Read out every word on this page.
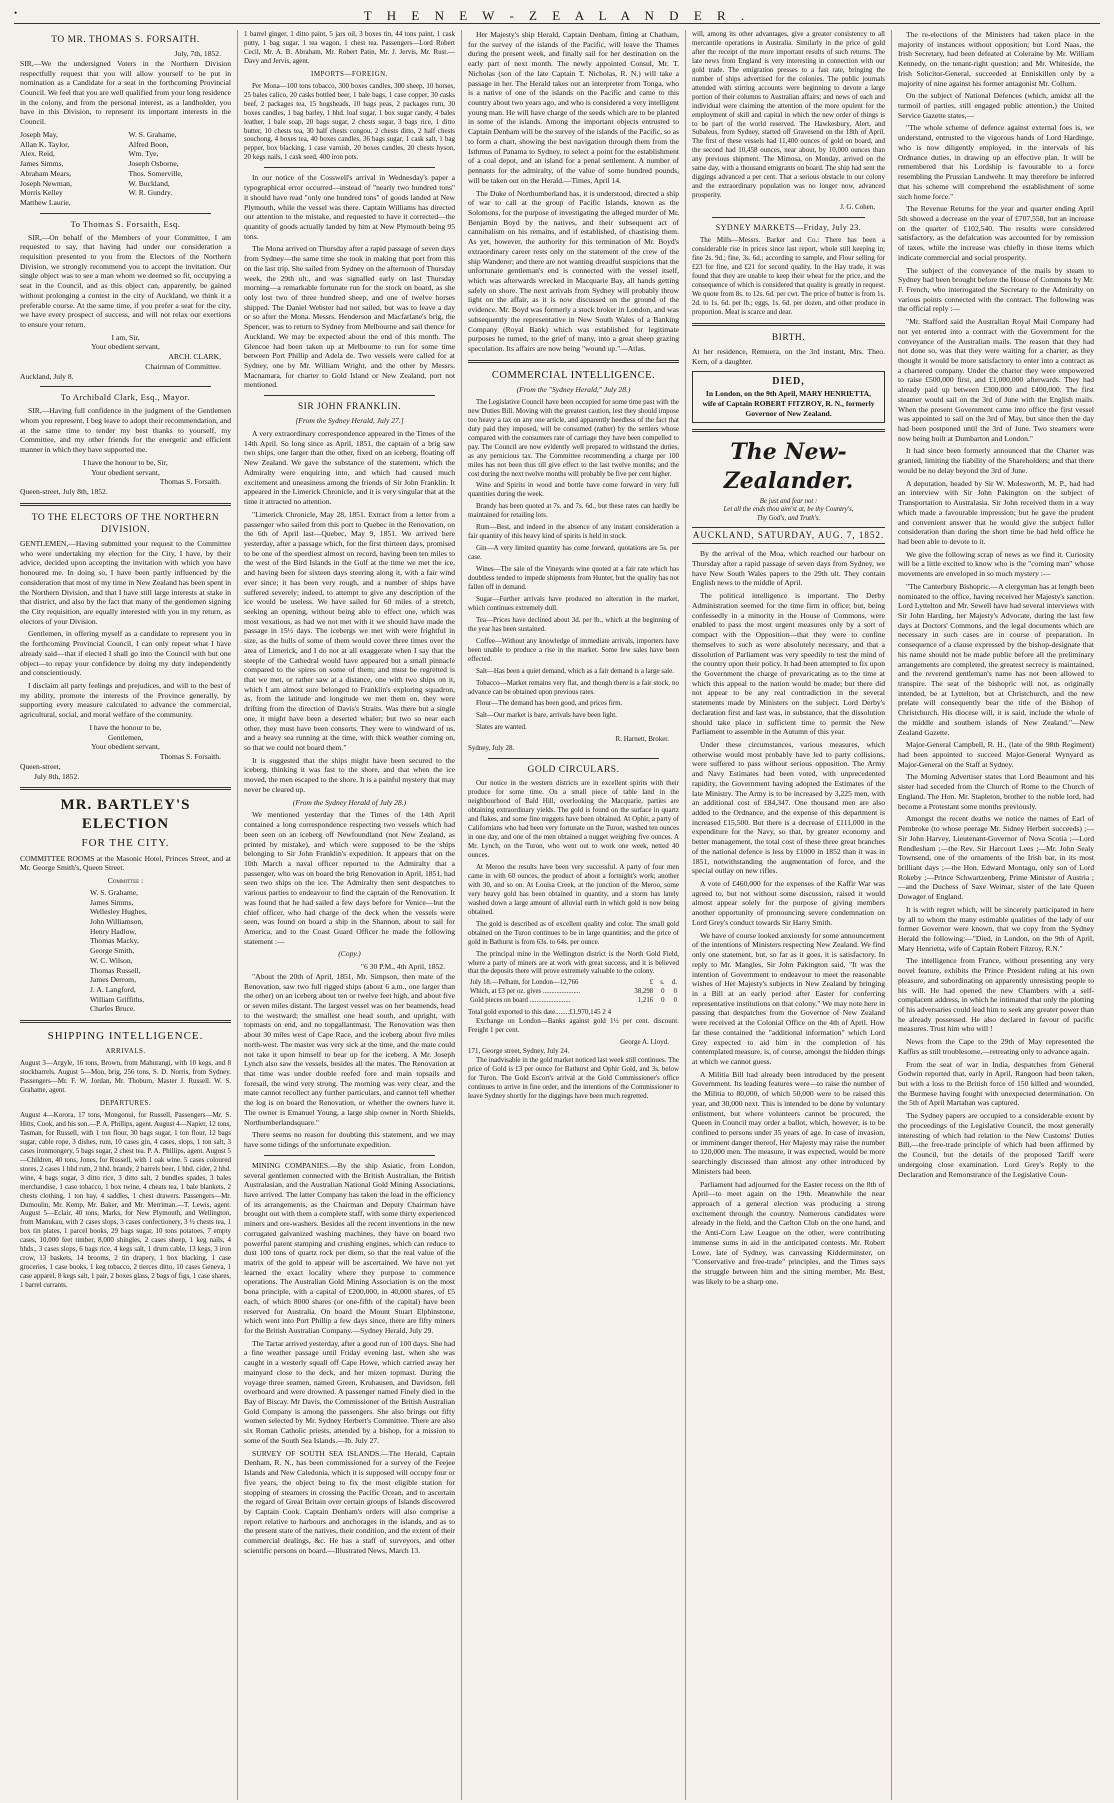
•	T H E N E W - Z E A L A N D E R .
TO MR. THOMAS S. FORSAITH.
July, 7th, 1852.

SIR,—We the undersigned Voters in the Northern Division respectfully request that you will allow yourself to be put in nomination as a Candidate for a seat in the forthcoming Provincial Council. We feel that you are well qualified from your long residence in the colony, and from the personal interest, as a landholder, you have in this Division, to represent its important interests in the Council.

Joseph May,	W. S. Grahame,
Allan K. Taylor,	Alfred Boon,
Alex. Reid,	Wm. Tye,
James Simms,	Joseph Osborne,
Abraham Mears,	Thos. Somerville,
Joseph Newman,	W. Buckland,
Morris Kelley	W. R. Gundry.
Matthew Laurie,
To Thomas S. Forsaith, Esq.

SIR,—On behalf of the Members of your Committee, I am requested to say, that having had under our consideration a requisition presented to you from the Electors of the Northern Division, we strongly recommend you to accept the invitation. Our single object was to see a man whom we deemed so fit, occupying a seat in the Council, and as this object can, apparently, be gained without prolonging a contest in the city of Auckland, we think it a preferable course. At the same time, if you prefer a seat for the city, we have every prospect of success, and will not relax our exertions to ensure your return.

I am, Sir,
Your obedient servant,
ARCH. CLARK,
Chairman of Committee.
Auckland, July 8.
To Archibald Clark, Esq., Mayor.

SIR,—Having full confidence in the judgment of the Gentlemen whom you represent, I beg leave to adopt their recommendation, and at the same time to tender my best thanks to yourself, my Committee, and my other friends for the energetic and efficient manner in which they have supported me.

I have the honour to be, Sir,
Your obedient servant,
Thomas S. Forsaith.
Queen-street, July 8th, 1852.
TO THE ELECTORS OF THE NORTHERN DIVISION.

GENTLEMEN,—Having submitted your request to the Committee who were undertaking my election for the City, I have, by their advice, decided upon accepting the invitation with which you have honoured me. In doing so, I have been partly influenced by the consideration that most of my time in New Zealand has been spent in the Northern Division, and that I have still large interests at stake in that district, and also by the fact that many of the gentlemen signing the City requisition, are equally interested with you in my return, as electors of your Division.

Gentlemen, in offering myself as a candidate to represent you in the forthcoming Provincial Council, I can only repeat what I have already said—that if elected I shall go into the Council with but one object—to repay your confidence by doing my duty independently and conscientiously.

I disclaim all party feelings and prejudices, and will to the best of my ability, promote the interests of the Province generally, by supporting every measure calculated to advance the commercial, agricultural, social, and moral welfare of the community.

I have the honour to be,
Gentlemen,
Your obedient servant,
Thomas S. Forsaith.
Queen-street,
July 8th, 1852.
MR. BARTLEY'S ELECTION
FOR THE CITY.

COMMITTEE ROOMS at the Masonic Hotel, Princes Street, and at Mr. George Smith's, Queen Street.

Committee :
W. S. Grahame,
James Simms,
Wellesley Hughes,
John Williamson,
Henry Hadlow,
Thomas Macky,
George Smith,
W. C. Wilson,
Thomas Russell,
James Derrom,
J. A. Langford,
William Griffiths.
Charles Bruce.
SHIPPING INTELLIGENCE.
ARRIVALS.

August 3—Argyle, 16 tons, Brown, from Mahurangi, with 10 kegs, and 8 stockbarrels. August 5—Mon, brig, 256 tons, S. D. Norris, from Sydney. Passengers—Mr. F. W. Jordan, Mr. Thoburn, Master J. Russell. W. S. Grahame, agent.

DEPARTURES.

August 4—Korora, 17 tons, Mongonui, for Russell, Passengers—Mr. S. Hitts, Cook, and his son.—P. A. Phillips, agent. August 4—Napier, 12 tons, Tasman, for Russell, with 1 ton flour, 30 bags sugar, 1 ton flour, 12 bags sugar, cable rope, 3 dishes, rum, 10 cases gin, 4 cases, slops, 1 ton salt, 3 cases ironmongery, 5 bags sugar, 2 chest tea. P. A. Phillips, agent. August 5—Children, 40 tons, Jones, for Russell, with 1 oak wine. 5 cases coloured stores, 2 cases 1 hhd rum, 2 hhd. brandy, 2 barrels beer, 1 hhd. cider, 2 hhd. wine, 4 bags sugar, 3 ditto rice, 3 ditto salt, 2 bundles spades, 3 bales merchandise, 1 case tobacco, 1 box twine, 4 cheats tea, 1 bale blankets, 2 chests clothing, 1 ton hay, 4 saddles, 1 chest drawers. Passengers—Mr. Dumoulin, Mr. Kemp, Mr. Baker, and Mr. Merriman.—T. Lewis, agent. August 5—Eclair, 40 tons, Marks, for New Plymouth, and Wellington, from Manukau, with 2 cases slops, 3 cases confectionery, 3 ½ chests tea, 1 box tin plates, 1 parcel books, 29 bags sugar, 10 tons potatoes, 7 empty cases, 10,000 feet timber, 8,000 shingles, 2 cases sheep, 1 keg nails, 4 hhds., 3 cases slops, 6 bags rice, 4 kegs salt, 1 drum cable, 13 kegs, 3 iron crow, 13 baskets, 14 brooms, 2 tin drapery, 1 box blacking, 1 case groceries, 1 case books, 1 keg tobacco, 2 tierces ditto, 10 cases Geneva, 1 case apparel, 8 kegs salt, 1 pair, 2 boxes glass, 2 bags of figs, 1 case shares, 1 barrel currants.

1 barrel ginger, 1 ditto paint, 5 jars oil, 3 boxes tin, 44 tons paint, 1 cask putty, 1 bag sugar, 1 tea wagon, 1 chest tea. Passengers—Lord Robert Cecil, Mr. A. B. Abraham, Mr. Robert Patin, Mr. J. Jervis, Mr. Rust.—Davy and Jervis, agent.

IMPORTS—FOREIGN.

Per Mona—100 tons tobacco, 300 boxes candles, 300 sheep, 10 horses, 25 bales calico, 20 casks bottled beer, 1 bale bags, 1 case copper, 30 casks beef, 2 packages tea, 15 hogsheads, 10 bags peas, 2 packages rum, 30 boxes candles, 1 bag barley, 1 hhd. loaf sugar, 1 box sugar candy, 4 bales leather, 1 bale soap, 20 bags sugar, 2 chests sugar, 3 bags rice, 1 ditto butter, 10 chests tea, 30 half chests congou, 2 chests ditto, 2 half chests souchong, 4 boxes tea, 40 boxes candles, 36 bags sugar, 1 cask salt, 1 bag pepper, box blacking, 1 case varnish, 20 boxes candles, 20 chests hyson, 20 kegs nails, 1 cask seed, 400 iron pots.

In our notice of the Cosswell's arrival in Wednesday's paper a typographical error occurred—instead of "nearly two hundred tons" it should have read "only one hundred tons" of goods landed at New Plymouth, while the vessel was there. Captain Williams has directed our attention to the mistake, and requested to have it corrected—the quantity of goods actually landed by him at New Plymouth being 95 tons.

The Mona arrived on Thursday after a rapid passage of seven days from Sydney—the same time she took in making that port from this on the last trip. She sailed from Sydney on the afternoon of Thursday week, the 29th ult., and was signalled early on last Thursday morning—a remarkable fortunate run for the stock on board, as she only lost two of three hundred sheep, and one of twelve horses shipped. The Daniel Webster had not sailed, but was to leave a day or so after the Mona. Messrs. Henderson and Macfarlane's brig, the Spencer, was to return to Sydney from Melbourne and sail thence for Auckland. We may be expected about the end of this month. The Glencoe had been taken up at Melbourne to run for some time between Port Phillip and Adela de. Two vessels were called for at Sydney, one by Mr. William Wright, and the other by Messrs. Macnamara, for charter to Gold Island or New Zealand, port not mentioned.

SIR JOHN FRANKLIN.
[From the Sydney Herald, July 27.]

A very extraordinary correspondence appeared in the Times of the 14th April. So long since as April, 1851, the captain of a brig saw two ships, one larger than the other, fixed on an iceberg, floating off New Zealand. We gave the substance of the statement, which the Admiralty were enquiring into, and which had caused much excitement and uneasiness among the friends of Sir John Franklin. It appeared in the Limerick Chronicle, and it is very singular that at the time it attracted no attention.

"Limerick Chronicle, May 28, 1851. Extract from a letter from a passenger who sailed from this port to Quebec in the Renovation, on the 6th of April last—Quebec, May 9, 1851. We arrived here yesterday, after a passage which, for the first thirteen days, promised to be one of the speediest almost on record, having been ten miles to the west of the Bird Islands in the Gulf at the time we met the ice, and having been for sixteen days steering along it, with a fair wind ever since; it has been very rough, and a number of ships have suffered severely; indeed, to attempt to give any description of the ice would be useless. We have sailed for 60 miles of a stretch, seeking an opening, without being able to effect one, which was most vexatious, as had we not met with it we should have made the passage in 15½ days. The icebergs we met with were frightful in size, as the hulls of some of them would cover three times over the area of Limerick, and I do not at all exaggerate when I say that the steeple of the Cathedral would have appeared but a small pinnacle compared to the spires on some of them; and must be regretted is that we met, or rather saw at a distance, one with two ships on it, which I am almost sure belonged to Franklin's exploring squadron, as, from the latitude and longitude we met them on, they were drifting from the direction of Davis's Straits. Was there but a single one, it might have been a deserted whaler; but two so near each other, they must have been consorts. They were to windward of us, and a heavy sea running at the time, with thick weather coming on, so that we could not board them."

It is suggested that the ships might have been secured to the iceberg, thinking it was fast to the shore, and that when the ice moved, the men escaped to the shore. It is a painful mystery that may never be cleared up.

(From the Sydney Herald of July 28.)

We mentioned yesterday that the Times of the 14th April contained a long correspondence respecting two vessels which had been seen on an iceberg off Newfoundland (not New Zealand, as printed by mistake), and which were supposed to be the ships belonging to Sir John Franklin's expedition. It appears that on the 10th March a naval officer reported to the Admiralty that a passenger, who was on board the brig Renovation in April, 1851, had seen two ships on the ice. The Admiralty then sent despatches to various parties to endeavour to find the captain of the Renovation. It was found that he had sailed a few days before for Venice—but the chief officer, who had charge of the deck when the vessels were seen, was found on board a ship in the Shannon, about to sail for America, and to the Coast Guard Officer he made the following statement :—

(Copy.)
"6 30 P.M., 4th April, 1852.

"About the 20th of April, 1851, Mr. Simpson, then mate of the Renovation, saw two full rigged ships (about 6 a.m., one larger than the other) on an iceberg about ten or twelve feet high, and about five or seven miles distant. The largest vessel was on her beamends, head to the westward; the smallest one head south, and upright, with topmasts on end, and no topgallantmast. The Renovation was then about 30 miles west of Cape Race, and the iceberg about five miles north-west. The master was very sick at the time, and the mate could not take it upon himself to bear up for the iceberg. A Mr. Joseph Lynch also saw the vessels, besides all the mates. The Renovation at that time was under double reefed fore and main topsails and foresail, the wind very strong. The morning was very clear, and the mate cannot recollect any further particulars, and cannot tell whether the log is on board the Renovation, or whether the owners have it. The owner is Emanuel Young, a large ship owner in North Shields, Northumberlandsquare."

There seems no reason for doubting this statement, and we may have some tidings of the unfortunate expedition.

MINING COMPANIES.—By the ship Asiatic, from London, several gentlemen connected with the British Australian, the British Australasian, and the Australian National Gold Mining Associations, have arrived. The latter Company has taken the lead in the efficiency of its arrangements, as the Chairman and Deputy Chairman have brought out with them a complete staff, with some thirty experienced miners and ore-washers. Besides all the recent inventions in the new corrugated galvanized washing machines, they have on board two powerful patent stamping and crushing engines, which can reduce to dust 100 tons of quartz rock per diem, so that the real value of the matrix of the gold to appear will be ascertained. We have not yet learned the exact locality where they purpose to commence operations. The Australian Gold Mining Association is on the most bona principle, with a capital of £200,000, in 40,000 shares, of £5 each, of which 8000 shares (or one-fifth of the capital) have been reserved for Australia. On board the Mount Stuart Elphinstone, which went into Port Phillip a few days since, there are fifty miners for the British Australian Company.—Sydney Herald, July 29.

The Tartar arrived yesterday, after a good run of 100 days. She had a fine weather passage until Friday evening last, when she was caught in a westerly squall off Cape Howe, which carried away her mainyard close to the deck, and her mizen topmast. During the voyage three seamen, named Green, Kruhausen, and Davidson, fell overboard and were drowned. A passenger named Finely died in the Bay of Biscay. Mr Davis, the Commissioner of the British Australian Gold Company is among the passengers. She also brings out fifty women selected by Mr. Sydney Herbert's Committee. There are also six Roman Catholic priests, attended by a bishop, for a mission to some of the South Sea Islands.—Ib. July 27.

SURVEY OF SOUTH SEA ISLANDS.—The Herald, Captain Denham, R. N., has been commissioned for a survey of the Feejee Islands and New Caledonia, which it is supposed will occupy four or five years, the object being to fix the most eligible station for stopping of steamers in crossing the Pacific Ocean, and to ascertain the regard of Great Britain over certain groups of Islands discovered by Captain Cook. Captain Denham's orders will also comprise a report relative to harbours and anchorages in the islands, and as to the present state of the natives, their condition, and the extent of their commercial dealings, &c. He has a staff of surveyors, and other scientific persons on board.—Illustrated News, March 13.

Her Majesty's ship Herald, Captain Denham, fitting at Chatham, for the survey of the islands of the Pacific, will leave the Thames during the present week, and finally sail for her destination on the early part of next month. The newly appointed Consul, Mr. T. Nicholas (son of the late Captain T. Nicholas, R. N.) will take a passage in her. The Herald takes out an interpreter from Tonga, who is a native of one of the islands on the Pacific and came to this country about two years ago, and who is considered a very intelligent young man. He will have charge of the seeds which are to be planted in some of the islands. Among the important objects entrusted to Captain Denham will be the survey of the islands of the Pacific, so as to form a chart, showing the best navigation through them from the Isthmus of Panama to Sydney, to select a point for the establishment of a coal depot, and an island for a penal settlement. A number of pennants for the admiralty, of the value of some hundred pounds, will be taken out on the Herald.—Times, April 14.

The Duke of Northumberland has, it is understood, directed a ship of war to call at the group of Pacific Islands, known as the Solomons, for the purpose of investigating the alleged murder of Mr. Benjamin Boyd by the natives, and their subsequent act of cannibalism on his remains, and if established, of chastising them. As yet, however, the authority for this termination of Mr. Boyd's extraordinary career rests only on the statement of the crew of the ship Wanderer; and there are not wanting dreadful suspicions that the unfortunate gentleman's end is connected with the vessel itself, which was afterwards wrecked in Macquarie Bay, all hands getting safely on shore. The next arrivals from Sydney will probably throw light on the affair, as it is now discussed on the ground of the evidence. Mr. Boyd was formerly a stock broker in London, and was subsequently the representative in New South Wales of a Banking Company (Royal Bank) which was established for legitimate purposes he turned, to the grief of many, into a great sheep grazing speculation. Its affairs are now being "wound up."—Atlas.

COMMERCIAL INTELLIGENCE.
(From the "Sydney Herald," July 28.)

The Legislative Council have been occupied for some time past with the new Duties Bill. Moving with the greatest caution, lest they should impose too heavy a tax on any one article, and apparently heedless of the fact that duty paid they imposed, will be consumed (rather) by the settlers whose compared with the consumers rate of carriage they have been compelled to pay. The Council are now evidently well prepared to withstand the duties, as any pernicious tax. The Committee recommending a charge per 100 miles has not been thus till give effect to the last twelve months; and the cost during the next twelve months will probably be five per cent higher.

Wine and Spirits in wood and bottle have come forward in very full quantities during the week.

Brandy has been quoted at 7s. and 7s. 6d., but these rates can hardly be maintained for retailing lots.

Rum—Best, and indeed in the absence of any instant consideration a fair quantity of this heavy kind of spirits is held in stock.

Gin—A very limited quantity has come forward, quotations are 5s. per case.

Wines—The sale of the Vineyards wine quoted at a fair rate which has doubtless tended to impede shipments from Hunter, but the quality has not fallen off in demand.

Sugar—Further arrivals have produced no alteration in the market, which continues extremely dull.

Tea—Prices have declined about 3d. per lb., which at the beginning of the year has been sustained.

Coffee—Without any knowledge of immediate arrivals, importers have been unable to produce a rise in the market. Some few sales have been effected.

Salt—Has been a quiet demand, which as a fair demand is a large sale.

Tobacco—Market remains very flat, and though there is a fair stock, no advance can be obtained upon previous rates.

Flour—The demand has been good, and prices firm.

Salt—Our market is bare, arrivals have been light.

Slates are wanted.

R. Harnett, Broker.
Sydney, July 28.
GOLD CIRCULARS.

Our notice in the western districts are in excellent spirits with their produce for some time. On a small piece of table land in the neighbourhood of Bald Hill, overlooking the Macquarie, parties are obtaining extraordinary yields. The gold is found on the surface in quartz and flakes, and some fine nuggets have been obtained. At Ophir, a party of Californians who had been very fortunate on the Turon, washed ten ounces in one day, and one of the men obtained a nugget weighing five ounces. A Mr. Lynch, on the Turon, who went out to work one week, netted 40 ounces.

At Meroo the results have been very successful. A party of four men came in with 60 ounces, the product of about a fortnight's work; another with 30, and so on. At Louisa Creek, at the junction of the Meroo, some very heavy gold has been obtained in quantity, and a storm has lately washed down a large amount of alluvial earth in which gold is now being obtained.

The gold is described as of excellent quality and color. The small gold obtained on the Turon continues to be in large quantities; and the price of gold in Bathurst is from 63s. to 64s. per ounce.

The principal mine in the Wellington district is the North Gold Field, where a party of miners are at work with great success, and it is believed that the deposits there will prove extremely valuable to the colony.

July 18.—Pelham, for London—12,766	£	s.	d.
Which, at £3 per oz. gives ......................	38,298	0	0
Gold pieces on board ........................	1,216	0	0
Total gold exported to this date........£1,970,145 2 4

Exchange on London—Banks against gold 1½ per cent. discount. Freight 1 per cent.

George A. Lloyd.
171, George street, Sydney, July 24.

The inadvisable in the gold market noticed last week still continues. The price of Gold is £3 per ounce for Bathurst and Ophir Gold, and 3s. below for Turon. The Gold Escort's arrival at the Gold Commissioner's office continues to arrive in fine order, and the intentions of the Commissioner to leave Sydney shortly for the diggings have been much regretted.

will, among its other advantages, give a greater consistency to all mercantile operations in Australia. Similarly in the price of gold after the receipt of the more important results of such returns. The late news from England is very interesting in connection with our gold trade. The emigration presses to a fast rate, bringing the number of ships advertised for the colonies. The public journals attended with stirring accounts were beginning to devote a large portion of their columns to Australian affairs; and news of each and individual were claiming the attention of the more opulent for the employment of skill and capital in which the new order of things is to be part of the world reserved. The Hawkesbury, Alert, and Subaleus, from Sydney, started off Gravesend on the 18th of April. The first of these vessels had 11,400 ounces of gold on board, and the second had 10,458 ounces, near about, by 10,000 ounces than any previous shipment. The Mimosa, on Monday, arrived on the same day, with a thousand emigrants on board. The ship had sent the diggings advanced a per cent. That a serious obstacle to our colony and the extraordinary population was no longer now, advanced prosperity.

J. G. Cohen,
SYDNEY MARKETS—Friday, July 23.

The Mills—Messrs. Barker and Co.: There has been a considerable rise in prices since last report, whole still keeping in; fine 2s. 9d.; fine, 3s. 6d.; according to sample, and Flour selling for £23 for fine, and £21 for second quality. In the Hay trade, it was found that they are unable to keep their wheat for the price, and the consequence of which is considered that quality is greatly in request. We quote from 8s. to 12s. 6d. per cwt. The price of butter is from 1s. 2d. to 1s. 6d. per lb.; eggs, 1s. 6d. per dozen, and other produce in proportion. Meat is scarce and dear.

BIRTH.

At her residence, Remuera, on the 3rd instant, Mrs. Theo. Kern, of a daughter.

DIED,
In London, on the 9th April, MARY HENRIETTA, wife of Captain ROBERT FITZROY, R. N., formerly Governor of New Zealand.
The New-Zealander.
Be just and fear not :
Let all the ends thou aim'st at, be thy Country's,
Thy God's, and Truth's.
AUCKLAND, SATURDAY, AUG. 7, 1852.

By the arrival of the Moa, which reached our harbour on Thursday after a rapid passage of seven days from Sydney, we have New South Wales papers to the 29th ult. They contain English news to the middle of April.

The political intelligence is important. The Derby Administration seemed for the time firm in office; but, being confessedly in a minority in the House of Commons, were enabled to pass the most urgent measures only by a sort of compact with the Opposition—that they were to confine themselves to such as were absolutely necessary, and that a dissolution of Parliament was very speedily to test the mind of the country upon their policy. It had been attempted to fix upon the Government the charge of prevaricating as to the time at which this appeal to the nation would be made; but there did not appear to be any real contradiction in the several statements made by Ministers on the subject. Lord Derby's declaration first and last was, in substance, that the dissolution should take place in sufficient time to permit the New Parliament to assemble in the Autumn of this year.

Under these circumstances, various measures, which otherwise would most probably have led to party collisions, were suffered to pass without serious opposition. The Army and Navy Estimates had been voted, with unprecedented rapidity, the Government having adopted the Estimates of the late Ministry. The Army is to be increased by 3,225 men, with an additional cost of £84,347. One thousand men are also added to the Ordnance, and the expense of this department is increased £15,500. But there is a decrease of £111,000 in the expenditure for the Navy, so that, by greater economy and better management, the total cost of these three great branches of the national defence is less by £1000 in 1852 than it was in 1851, notwithstanding the augmentation of force, and the special outlay on new rifles.

A vote of £460,000 for the expenses of the Kaffir War was agreed to, but not without some discussion, raised it would almost appear solely for the purpose of giving members another opportunity of pronouncing severe condemnation on Lord Grey's conduct towards Sir Harry Smith.

We have of course looked anxiously for some announcement of the intentions of Ministers respecting New Zealand. We find only one statement, but, so far as it goes, it is satisfactory. In reply to Mr. Mangles, Sir John Pakington said, "It was the intention of Government to endeavour to meet the reasonable wishes of Her Majesty's subjects in New Zealand by bringing in a Bill at an early period after Easter for conferring representative institutions on that colony." We may note here in passing that despatches from the Governor of New Zealand were received at the Colonial Office on the 4th of April. How far these contained the "additional information" which Lord Grey expected to aid him in the completion of his contemplated measure, is, of course, amongst the hidden things at which we cannot guess.

A Militia Bill had already been introduced by the present Government. Its leading features were—to raise the number of the Militia to 80,000, of which 50,000 were to be raised this year, and 30,000 next. This is intended to be done by voluntary enlistment, but where volunteers cannot be procured, the Queen in Council may order a ballot, which, however, is to be confined to persons under 35 years of age. In case of invasion, or imminent danger thereof, Her Majesty may raise the number to 120,000 men. The measure, it was expected, would be more searchingly discussed than almost any other introduced by Ministers had been.

Parliament had adjourned for the Easter recess on the 8th of April—to meet again on the 19th. Meanwhile the near approach of a general election was producing a strong excitement through the country. Numerous candidates were already in the field, and the Carlton Club on the one hand, and the Anti-Corn Law League on the other, were contributing immense sums in aid in the anticipated contests. Mr. Robert Lowe, late of Sydney, was canvassing Kidderminster, on "Conservative and free-trade" principles, and the Times says the struggle between him and the sitting member, Mr. Best, was likely to be a sharp one.

The re-elections of the Ministers had taken place in the majority of instances without opposition; but Lord Naas, the Irish Secretary, had been defeated at Coleraine by Mr. William Kennedy, on the tenant-right question; and Mr. Whiteside, the Irish Solicitor-General, succeeded at Enniskillen only by a majority of nine against his former antagonist Mr. Collum.

On the subject of National Defences (which, amidst all the turmoil of parties, still engaged public attention,) the United Service Gazette states,—

"The whole scheme of defence against external foes is, we understand, entrusted to the vigorous hands of Lord Hardinge, who is now diligently employed, in the intervals of his Ordnance duties, in drawing up an effective plan. It will be remembered that his Lordship is favourable to a force resembling the Prussian Landwehr. It may therefore be inferred that his scheme will comprehend the establishment of some such home force."

The Revenue Returns for the year and quarter ending April 5th showed a decrease on the year of £707,558, but an increase on the quarter of £102,540. The results were considered satisfactory, as the defalcation was accounted for by remission of taxes, while the increase was chiefly in those items which indicate commercial and social prosperity.

The subject of the conveyance of the mails by steam to Sydney had been brought before the House of Commons by Mr. F. French, who interrogated the Secretary to the Admiralty on various points connected with the contract. The following was the official reply :—

"Mr. Stafford said the Australian Royal Mail Company had not yet entered into a contract with the Government for the conveyance of the Australian mails. The reason that they had not done so, was that they were waiting for a charter, as they thought it would be more satisfactory to enter into a contract as a chartered company. Under the charter they were empowered to raise £500,000 first, and £1,000,000 afterwards. They had already paid up between £300,000 and £400,000. The first steamer would sail on the 3rd of June with the English mails. When the present Government came into office the first vessel was appointed to sail on the 3rd of May, but since then the day had been postponed until the 3rd of June. Two steamers were now being built at Dumbarton and London."

It had since been formerly announced that the Charter was granted, limiting the liability of the Shareholders; and that there would be no delay beyond the 3rd of June.

A deputation, headed by Sir W. Molesworth, M. P., had had an interview with Sir John Pakington on the subject of Transportation to Australasia. Sir John received them in a way which made a favourable impression; but he gave the prudent and convenient answer that he would give the subject fuller consideration than during the short time he had held office he had been able to devote to it.

We give the following scrap of news as we find it. Curiosity will be a little excited to know who is the "coming man" whose movements are enveloped in so much mystery :—

"The Canterbury Bishopric.—A clergyman has at length been nominated to the office, having received her Majesty's sanction. Lord Lyttelton and Mr. Sewell have had several interviews with Sir John Harding, her Majesty's Advocate, during the last few days at Doctors' Commons, and the legal documents which are necessary in such cases are in course of preparation. In consequence of a clause expressed by the bishop-designate that his name should not be made public before all the preliminary arrangements are completed, the greatest secrecy is maintained, and the reverend gentleman's name has not been allowed to transpire. The seat of the bishopric will not, as originally intended, be at Lyttelton, but at Christchurch, and the new prelate will consequently bear the title of the Bishop of Christchurch. His diocese will, it is said, include the whole of the middle and southern islands of New Zealand."—New Zealand Gazette.

Major-General Campbell, R. H., (late of the 98th Regiment) had been appointed to succeed Major-General Wynyard as Major-General on the Staff at Sydney.

The Morning Advertiser states that Lord Beaumont and his sister had seceded from the Church of Rome to the Church of England. The Hon. Mr. Stapleton, brother to the noble lord, had become a Protestant some months previously.

Amongst the recent deaths we notice the names of Earl of Pembroke (to whose peerage Mr. Sidney Herbert succeeds) ;—Sir John Harvey, Lieutenant-Governor of Nova Scotia ;—Lord Rendlesham ;—the Rev. Sir Harcourt Lees ;—Mr. John Sealy Townsend, one of the ornaments of the Irish bar, in its most brilliant days ;—the Hon. Edward Montagu, only son of Lord Rokeby ;—Prince Schwartzenberg, Prime Minister of Austria ;—and the Duchess of Saxe Weimar, sister of the late Queen Dowager of England.

It is with regret which, will be sincerely participated in here by all to whom the many estimable qualities of the lady of our former Governor were known, that we copy from the Sydney Herald the following:—"Died, in London, on the 9th of April, Mary Henrietta, wife of Captain Robert Fitzroy, R.N."

The intelligence from France, without presenting any very novel feature, exhibits the Prince President ruling at his own pleasure, and subordinating on apparently unresisting people to his will. He had opened the new Chambers with a self-complacent address, in which he intimated that only the plotting of his adversaries could lead him to seek any greater power than he already possessed. He also declared in favour of pacific measures. Trust him who will !

News from the Cape to the 29th of May represented the Kaffirs as still troublesome,—retreating only to advance again.

From the seat of war in India, despatches from General Godwin reported that, early in April, Rangoon had been taken, but with a loss to the British force of 150 killed and wounded, the Burmese having fought with unexpected determination. On the 5th of April Martaban was captured.

The Sydney papers are occupied to a considerable extent by the proceedings of the Legislative Council, the most generally interesting of which had relation to the New Customs' Duties Bill,—the free-trade principle of which had been affirmed by the Council, but the details of the proposed Tariff were undergoing close examination. Lord Grey's Reply to the Declaration and Remonstrance of the Legislative Coun-
